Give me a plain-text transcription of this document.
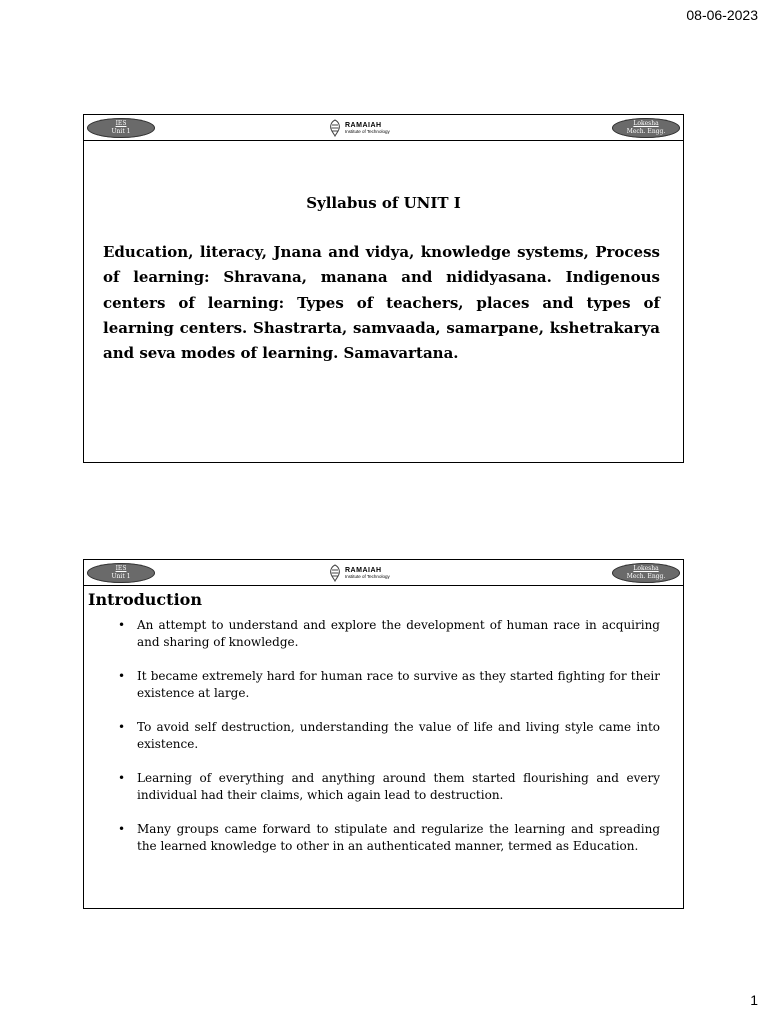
08-06-2023
IES
Unit 1
RAMAIAH
Institute of Technology
Lokesha
Mech. Engg.
Syllabus of UNIT I

Education, literacy, Jnana and vidya, knowledge systems, Process of learning: Shravana, manana and nididyasana. Indigenous centers of learning: Types of teachers, places and types of learning centers. Shastrarta, samvaada, samarpane, kshetrakarya and seva modes of learning. Samavartana.

IES
Unit 1
RAMAIAH
Institute of Technology
Lokesha
Mech. Engg.
Introduction
• An attempt to understand and explore the development of human race in acquiring and sharing of knowledge.
• It became extremely hard for human race to survive as they started fighting for their existence at large.
• To avoid self destruction, understanding the value of life and living style came into existence.
• Learning of everything and anything around them started flourishing and every individual had their claims, which again lead to destruction.
• Many groups came forward to stipulate and regularize the learning and spreading the learned knowledge to other in an authenticated manner, termed as Education.
1
